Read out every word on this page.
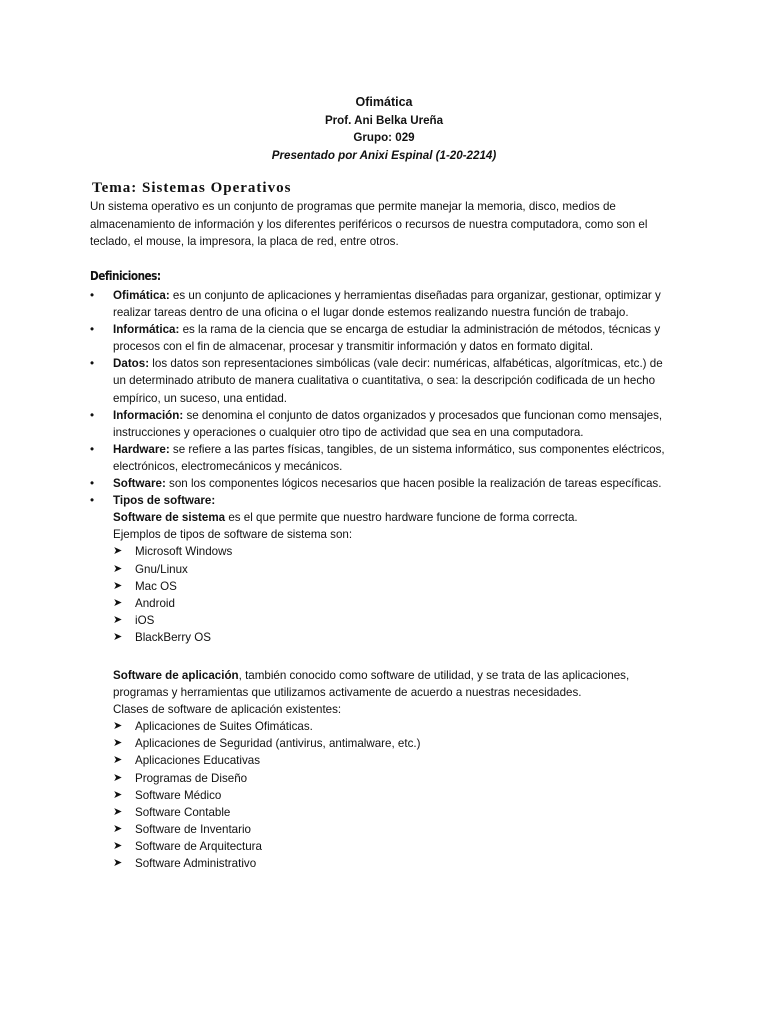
Ofimática
Prof. Ani Belka Ureña
Grupo: 029
Presentado por Anixi Espinal (1-20-2214)
Tema: Sistemas Operativos
Un sistema operativo es un conjunto de programas que permite manejar la memoria, disco, medios de almacenamiento de información y los diferentes periféricos o recursos de nuestra computadora, como son el teclado, el mouse, la impresora, la placa de red, entre otros.
Definiciones:
• Ofimática: es un conjunto de aplicaciones y herramientas diseñadas para organizar, gestionar, optimizar y realizar tareas dentro de una oficina o el lugar donde estemos realizando nuestra función de trabajo.
• Informática: es la rama de la ciencia que se encarga de estudiar la administración de métodos, técnicas y procesos con el fin de almacenar, procesar y transmitir información y datos en formato digital.
• Datos: los datos son representaciones simbólicas (vale decir: numéricas, alfabéticas, algorítmicas, etc.) de un determinado atributo de manera cualitativa o cuantitativa, o sea: la descripción codificada de un hecho empírico, un suceso, una entidad.
• Información: se denomina el conjunto de datos organizados y procesados que funcionan como mensajes, instrucciones y operaciones o cualquier otro tipo de actividad que sea en una computadora.
• Hardware: se refiere a las partes físicas, tangibles, de un sistema informático, sus componentes eléctricos, electrónicos, electromecánicos y mecánicos.
• Software: son los componentes lógicos necesarios que hacen posible la realización de tareas específicas.
• Tipos de software:
Software de sistema es el que permite que nuestro hardware funcione de forma correcta.
Ejemplos de tipos de software de sistema son:
➤ Microsoft Windows
➤ Gnu/Linux
➤ Mac OS
➤ Android
➤ iOS
➤ BlackBerry OS
Software de aplicación, también conocido como software de utilidad, y se trata de las aplicaciones, programas y herramientas que utilizamos activamente de acuerdo a nuestras necesidades.
Clases de software de aplicación existentes:
➤ Aplicaciones de Suites Ofimáticas.
➤ Aplicaciones de Seguridad (antivirus, antimalware, etc.)
➤ Aplicaciones Educativas
➤ Programas de Diseño
➤ Software Médico
➤ Software Contable
➤ Software de Inventario
➤ Software de Arquitectura
➤ Software Administrativo
